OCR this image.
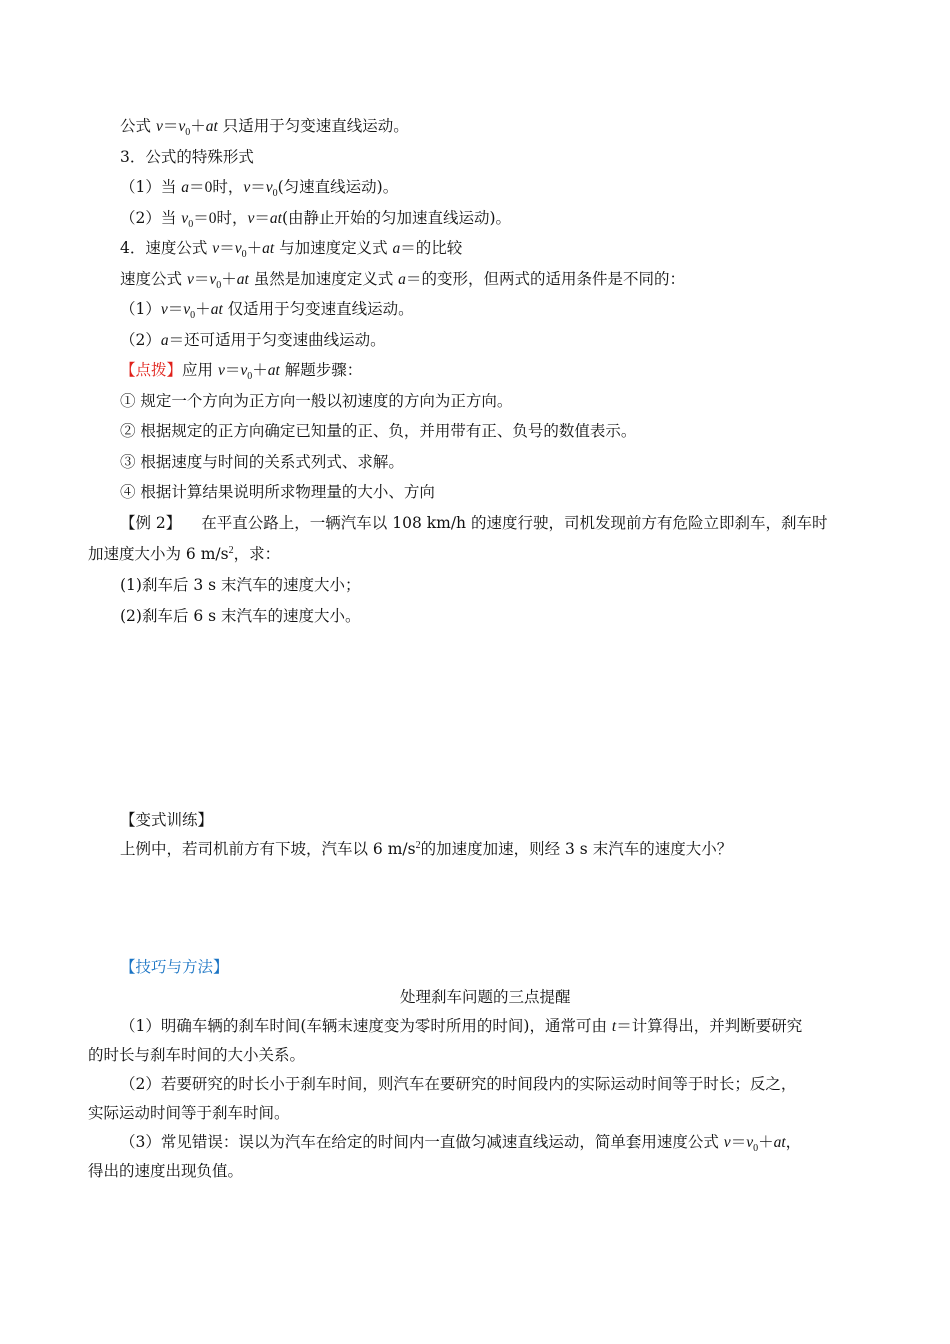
公式 $v=v_0+at$ 只适用于匀变速直线运动。
3．公式的特殊形式
（1）当 a＝0时，$v=v_0$(匀速直线运动)。
（2）当 $v_0=0$时，v＝at(由静止开始的匀加速直线运动)。
4．速度公式 $v=v_0+at$ 与加速度定义式 a＝的比较
速度公式 $v=v_0+at$ 虽然是加速度定义式 a＝的变形，但两式的适用条件是不同的：
$(1)v=v_0+at$ 仅适用于匀变速直线运动。
（2）a＝还可适用于匀变速曲线运动。
【点拨】应用 $v=v_0+at$ 解题步骤：
① 规定一个方向为正方向一般以初速度的方向为正方向。
② 根据规定的正方向确定已知量的正、负，并用带有正、负号的数值表示。
③ 根据速度与时间的关系式列式、求解。
④ 根据计算结果说明所求物理量的大小、方向
【例 2】 在平直公路上，一辆汽车以 108 km/h 的速度行驶，司机发现前方有危险立即刹车，刹车时
加速度大小为 6 $m/s^2$，求：
(1)刹车后 3 s 末汽车的速度大小；
(2)刹车后 6 s 末汽车的速度大小。
【变式训练】
上例中，若司机前方有下坡，汽车以 6 $m/s^2$的加速度加速，则经 3 s 末汽车的速度大小？
【技巧与方法】
处理刹车问题的三点提醒
（1）明确车辆的刹车时间(车辆末速度变为零时所用的时间)，通常可由 t＝计算得出，并判断要研究
的时长与刹车时间的大小关系。
（2）若要研究的时长小于刹车时间，则汽车在要研究的时间段内的实际运动时间等于时长；反之，
实际运动时间等于刹车时间。
（3）常见错误：误以为汽车在给定的时间内一直做匀减速直线运动，简单套用速度公式 $v=v_0+at$，
得出的速度出现负值。
